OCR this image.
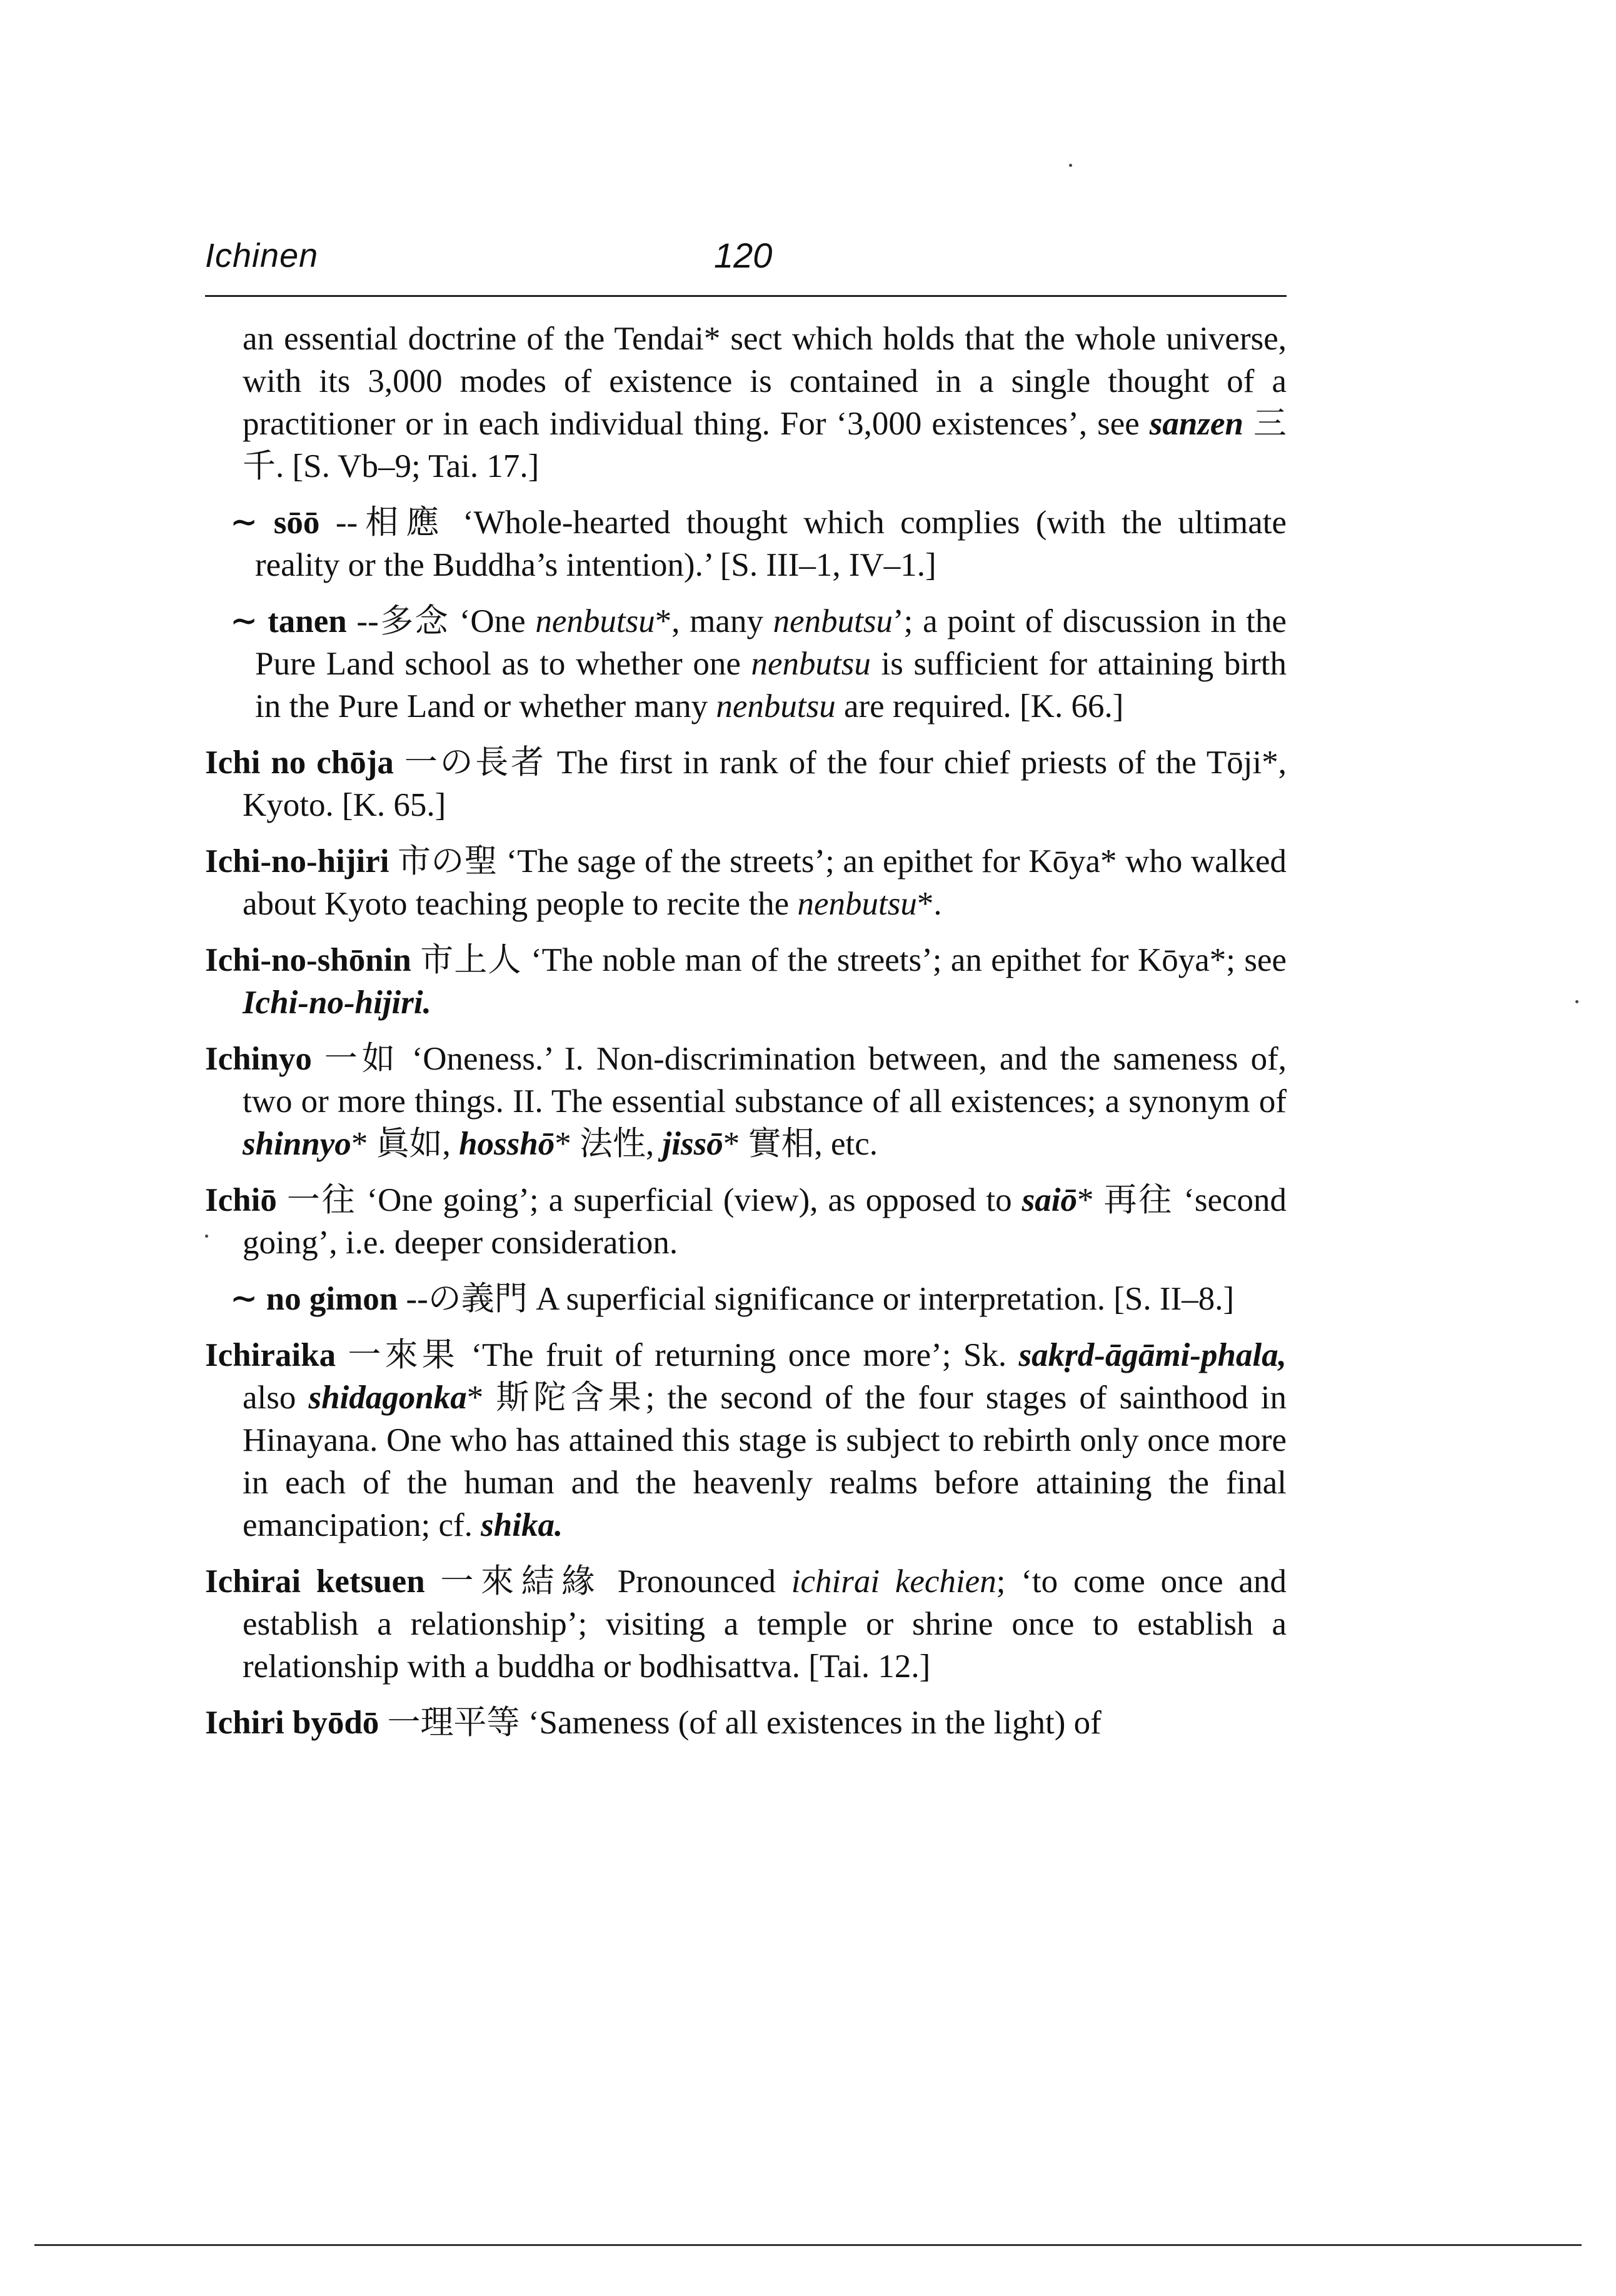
Ichinen	120

an essential doctrine of the Tendai* sect which holds that the whole universe, with its 3,000 modes of existence is contained in a single thought of a practitioner or in each individual thing. For ‘3,000 existences’, see sanzen 三千. [S. Vb–9; Tai. 17.]

∼ sōō --相應 ‘Whole-hearted thought which complies (with the ultimate reality or the Buddha’s intention).’ [S. III–1, IV–1.]

∼ tanen --多念 ‘One nenbutsu*, many nenbutsu’; a point of discussion in the Pure Land school as to whether one nenbutsu is sufficient for attaining birth in the Pure Land or whether many nenbutsu are required. [K. 66.]

Ichi no chōja 一の長者 The first in rank of the four chief priests of the Tōji*, Kyoto. [K. 65.]

Ichi-no-hijiri 市の聖 ‘The sage of the streets’; an epithet for Kōya* who walked about Kyoto teaching people to recite the nenbutsu*.

Ichi-no-shōnin 市上人 ‘The noble man of the streets’; an epithet for Kōya*; see Ichi-no-hijiri.

Ichinyo 一如 ‘Oneness.’ I. Non-discrimination between, and the sameness of, two or more things. II. The essential substance of all existences; a synonym of shinnyo* 眞如, hosshō* 法性, jissō* 實相, etc.

Ichiō 一往 ‘One going’; a superficial (view), as opposed to saiō* 再往 ‘second going’, i.e. deeper consideration.

∼ no gimon --の義門 A superficial significance or interpretation. [S. II–8.]

Ichiraika 一來果 ‘The fruit of returning once more’; Sk. sakṛd-āgāmi-phala, also shidagonka* 斯陀含果; the second of the four stages of sainthood in Hinayana. One who has attained this stage is subject to rebirth only once more in each of the human and the heavenly realms before attaining the final emancipation; cf. shika.

Ichirai ketsuen 一來結緣 Pronounced ichirai kechien; ‘to come once and establish a relationship’; visiting a temple or shrine once to establish a relationship with a buddha or bodhisattva. [Tai. 12.]

Ichiri byōdō 一理平等 ‘Sameness (of all existences in the light) of
